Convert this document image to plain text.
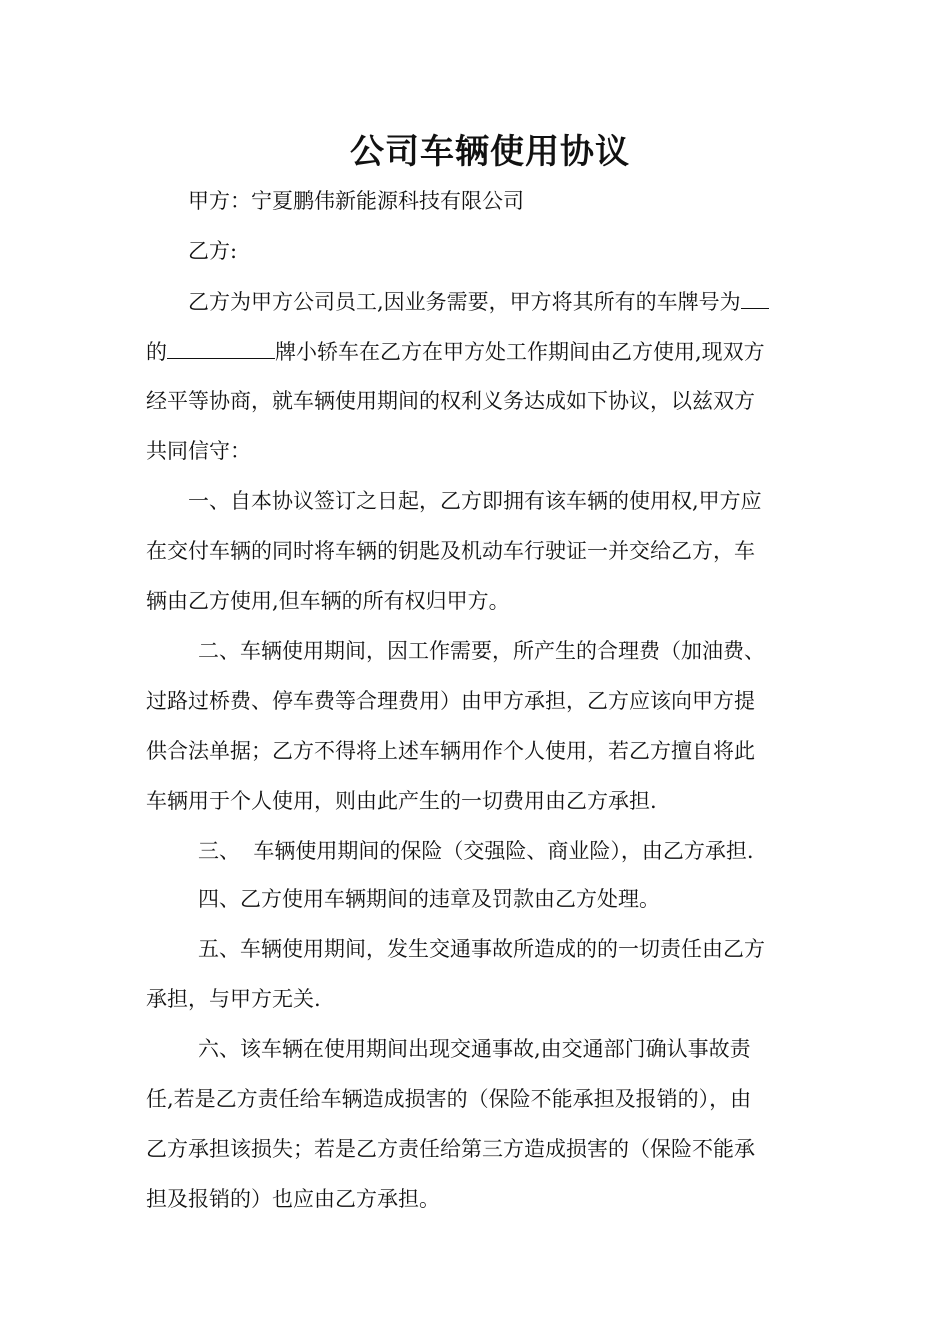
公司车辆使用协议

甲方：宁夏鹏伟新能源科技有限公司

乙方:

乙方为甲方公司员工,因业务需要，甲方将其所有的车牌号为

的	牌小轿车在乙方在甲方处工作期间由乙方使用,现双方

经平等协商，就车辆使用期间的权利义务达成如下协议，以兹双方

共同信守：

一、自本协议签订之日起，乙方即拥有该车辆的使用权,甲方应

在交付车辆的同时将车辆的钥匙及机动车行驶证一并交给乙方，车

辆由乙方使用,但车辆的所有权归甲方。

二、车辆使用期间，因工作需要，所产生的合理费（加油费、

过路过桥费、停车费等合理费用）由甲方承担，乙方应该向甲方提

供合法单据；乙方不得将上述车辆用作个人使用，若乙方擅自将此

车辆用于个人使用，则由此产生的一切费用由乙方承担.

三、  车辆使用期间的保险（交强险、商业险），由乙方承担.

四、乙方使用车辆期间的违章及罚款由乙方处理。

五、车辆使用期间，发生交通事故所造成的的一切责任由乙方

承担，与甲方无关.

六、该车辆在使用期间出现交通事故,由交通部门确认事故责

任,若是乙方责任给车辆造成损害的（保险不能承担及报销的），由

乙方承担该损失；若是乙方责任给第三方造成损害的（保险不能承

担及报销的）也应由乙方承担。
